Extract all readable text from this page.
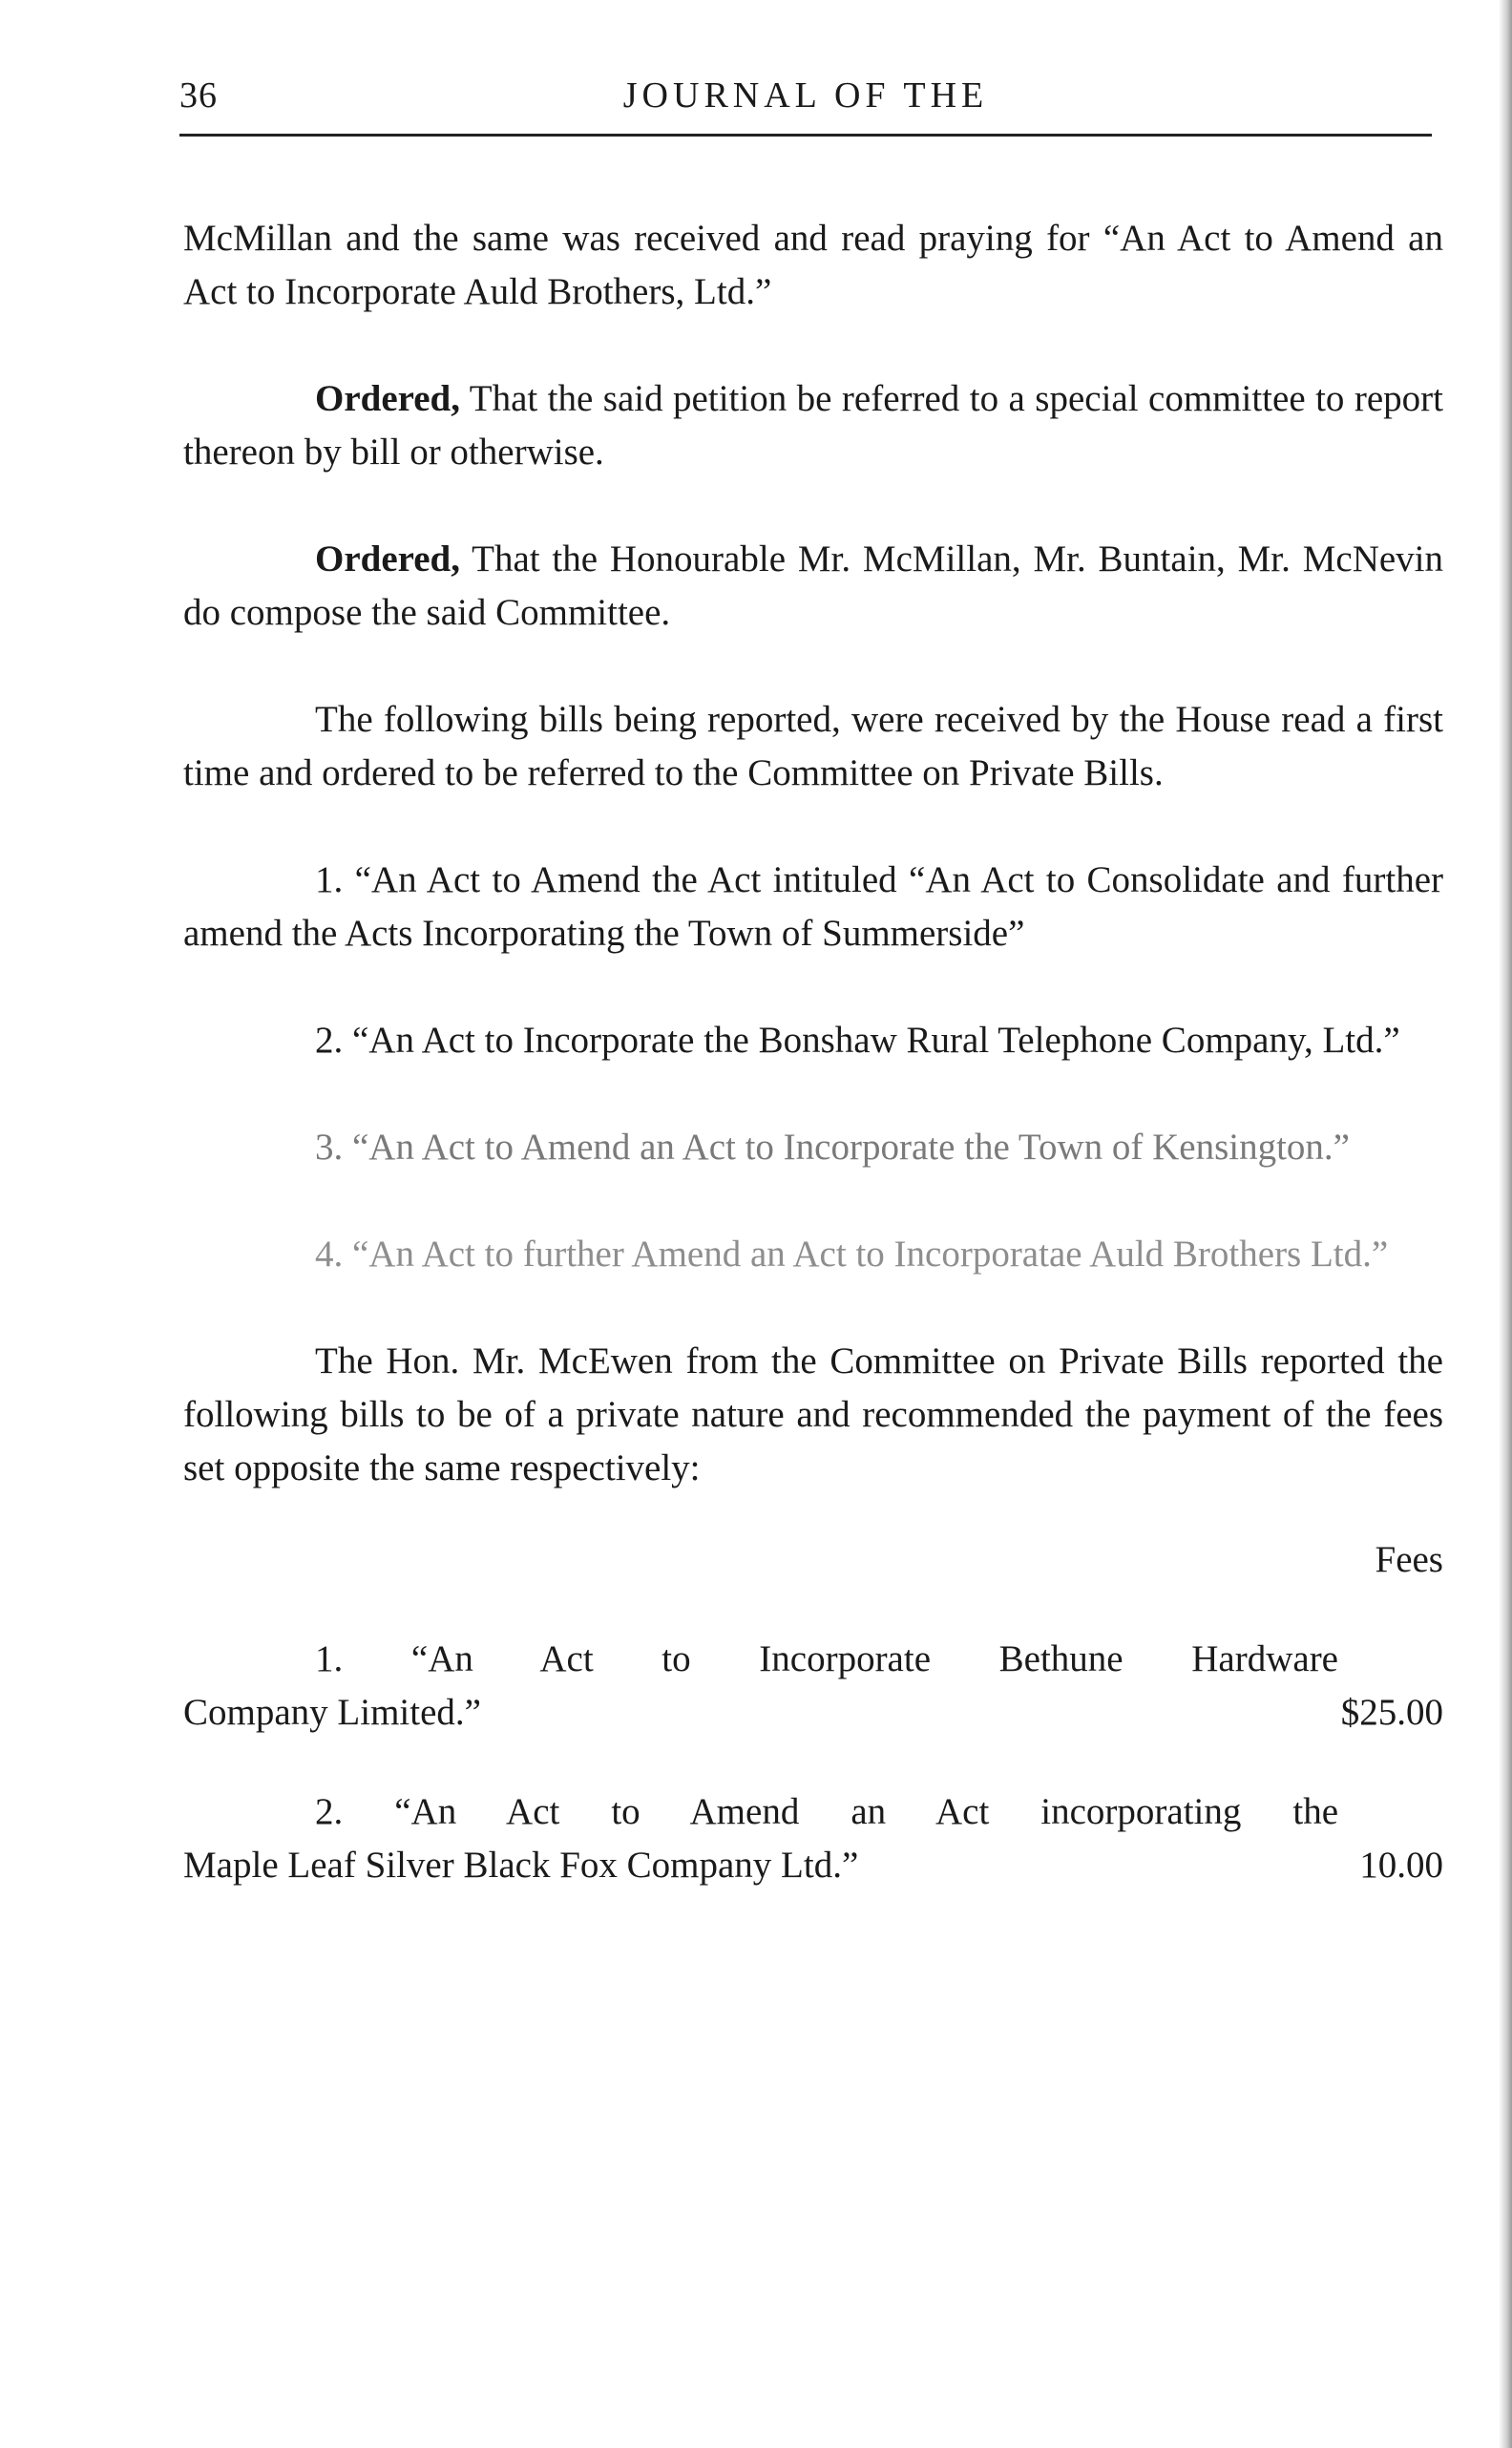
36	JOURNAL OF THE

McMillan and the same was received and read praying for “An Act to Amend an Act to Incorporate Auld Brothers, Ltd.”

Ordered, That the said petition be referred to a special committee to report thereon by bill or otherwise.

Ordered, That the Honourable Mr. McMillan, Mr. Buntain, Mr. McNevin do compose the said Committee.

The following bills being reported, were received by the House read a first time and ordered to be referred to the Committee on Private Bills.

1. “An Act to Amend the Act intituled “An Act to Consolidate and further amend the Acts Incorporating the Town of Summerside”

2. “An Act to Incorporate the Bonshaw Rural Telephone Company, Ltd.”

3. “An Act to Amend an Act to Incorporate the Town of Kensington.”

4. “An Act to further Amend an Act to Incorporatae Auld Brothers Ltd.”

The Hon. Mr. McEwen from the Committee on Private Bills reported the following bills to be of a private nature and recommended the payment of the fees set opposite the same respectively:

Fees
1. “An Act to Incorporate Bethune Hardware
Company Limited.”	$25.00
2. “An Act to Amend an Act incorporating the
Maple Leaf Silver Black Fox Company Ltd.”	10.00
